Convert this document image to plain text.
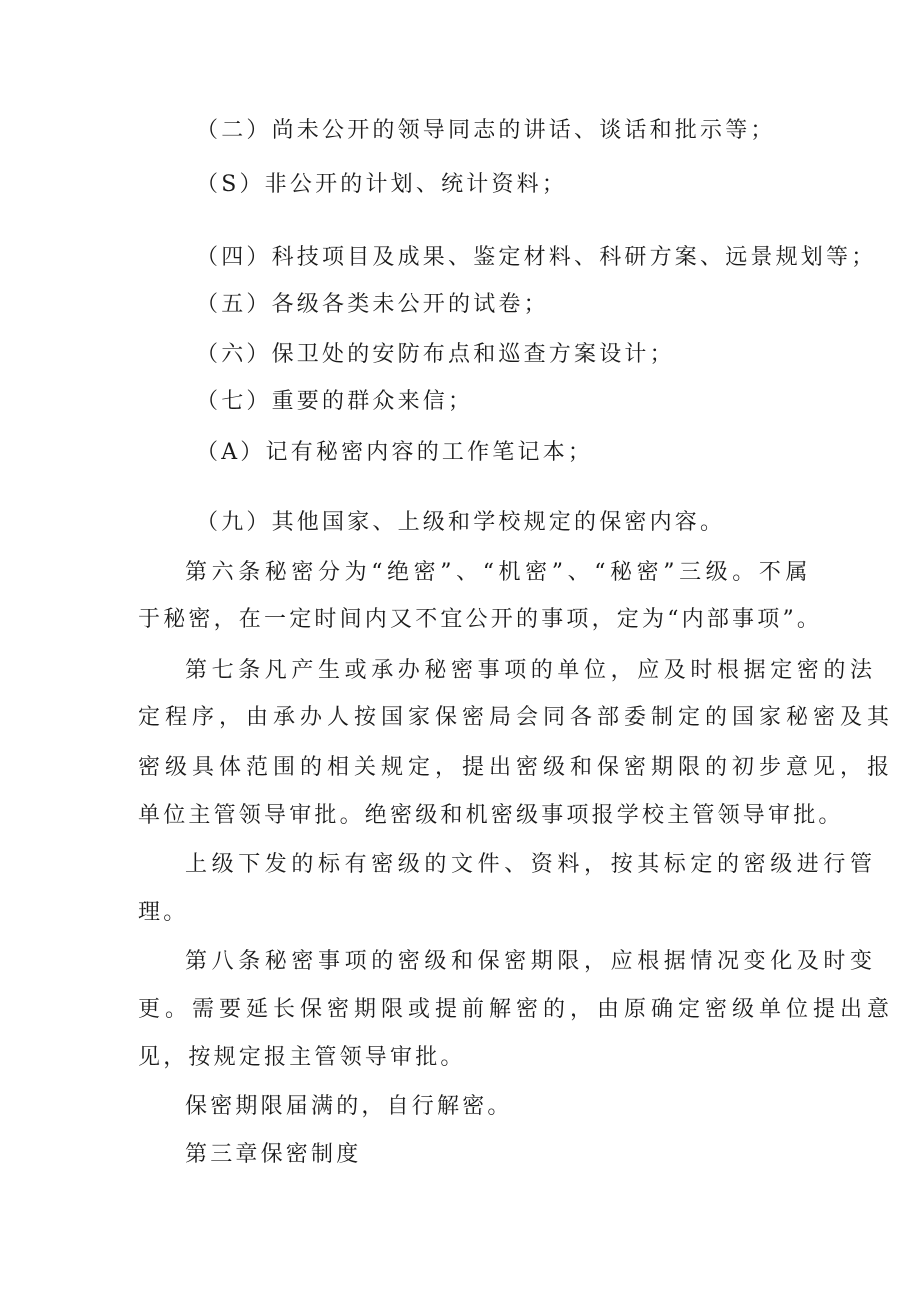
（二）尚未公开的领导同志的讲话、谈话和批示等；
（S）非公开的计划、统计资料；
（四）科技项目及成果、鉴定材料、科研方案、远景规划等；
（五）各级各类未公开的试卷；
（六）保卫处的安防布点和巡查方案设计；
（七）重要的群众来信；
（A）记有秘密内容的工作笔记本；
（九）其他国家、上级和学校规定的保密内容。
第六条秘密分为“绝密”、“机密”、“秘密”三级。不属
于秘密，在一定时间内又不宜公开的事项，定为“内部事项”。
第七条凡产生或承办秘密事项的单位，应及时根据定密的法
定程序，由承办人按国家保密局会同各部委制定的国家秘密及其
密级具体范围的相关规定，提出密级和保密期限的初步意见，报
单位主管领导审批。绝密级和机密级事项报学校主管领导审批。
上级下发的标有密级的文件、资料，按其标定的密级进行管
理。
第八条秘密事项的密级和保密期限，应根据情况变化及时变
更。需要延长保密期限或提前解密的，由原确定密级单位提出意
见，按规定报主管领导审批。
保密期限届满的，自行解密。
第三章保密制度
